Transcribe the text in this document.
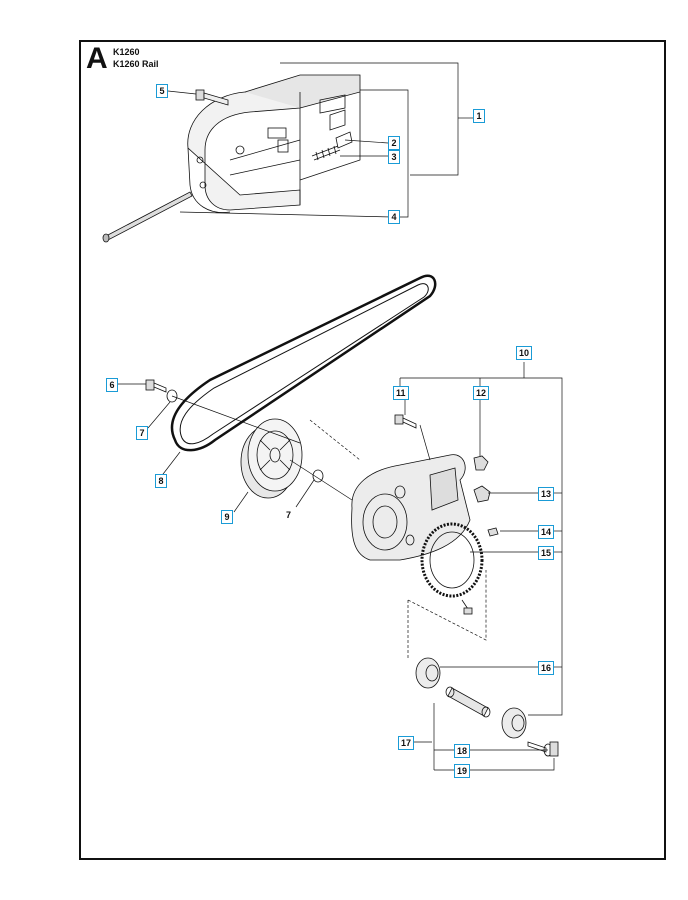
A K1260
K1260 Rail
1
2
3
4
5
6
7
7
8
9
10
11	12
13
14
15
16
17
18
19
